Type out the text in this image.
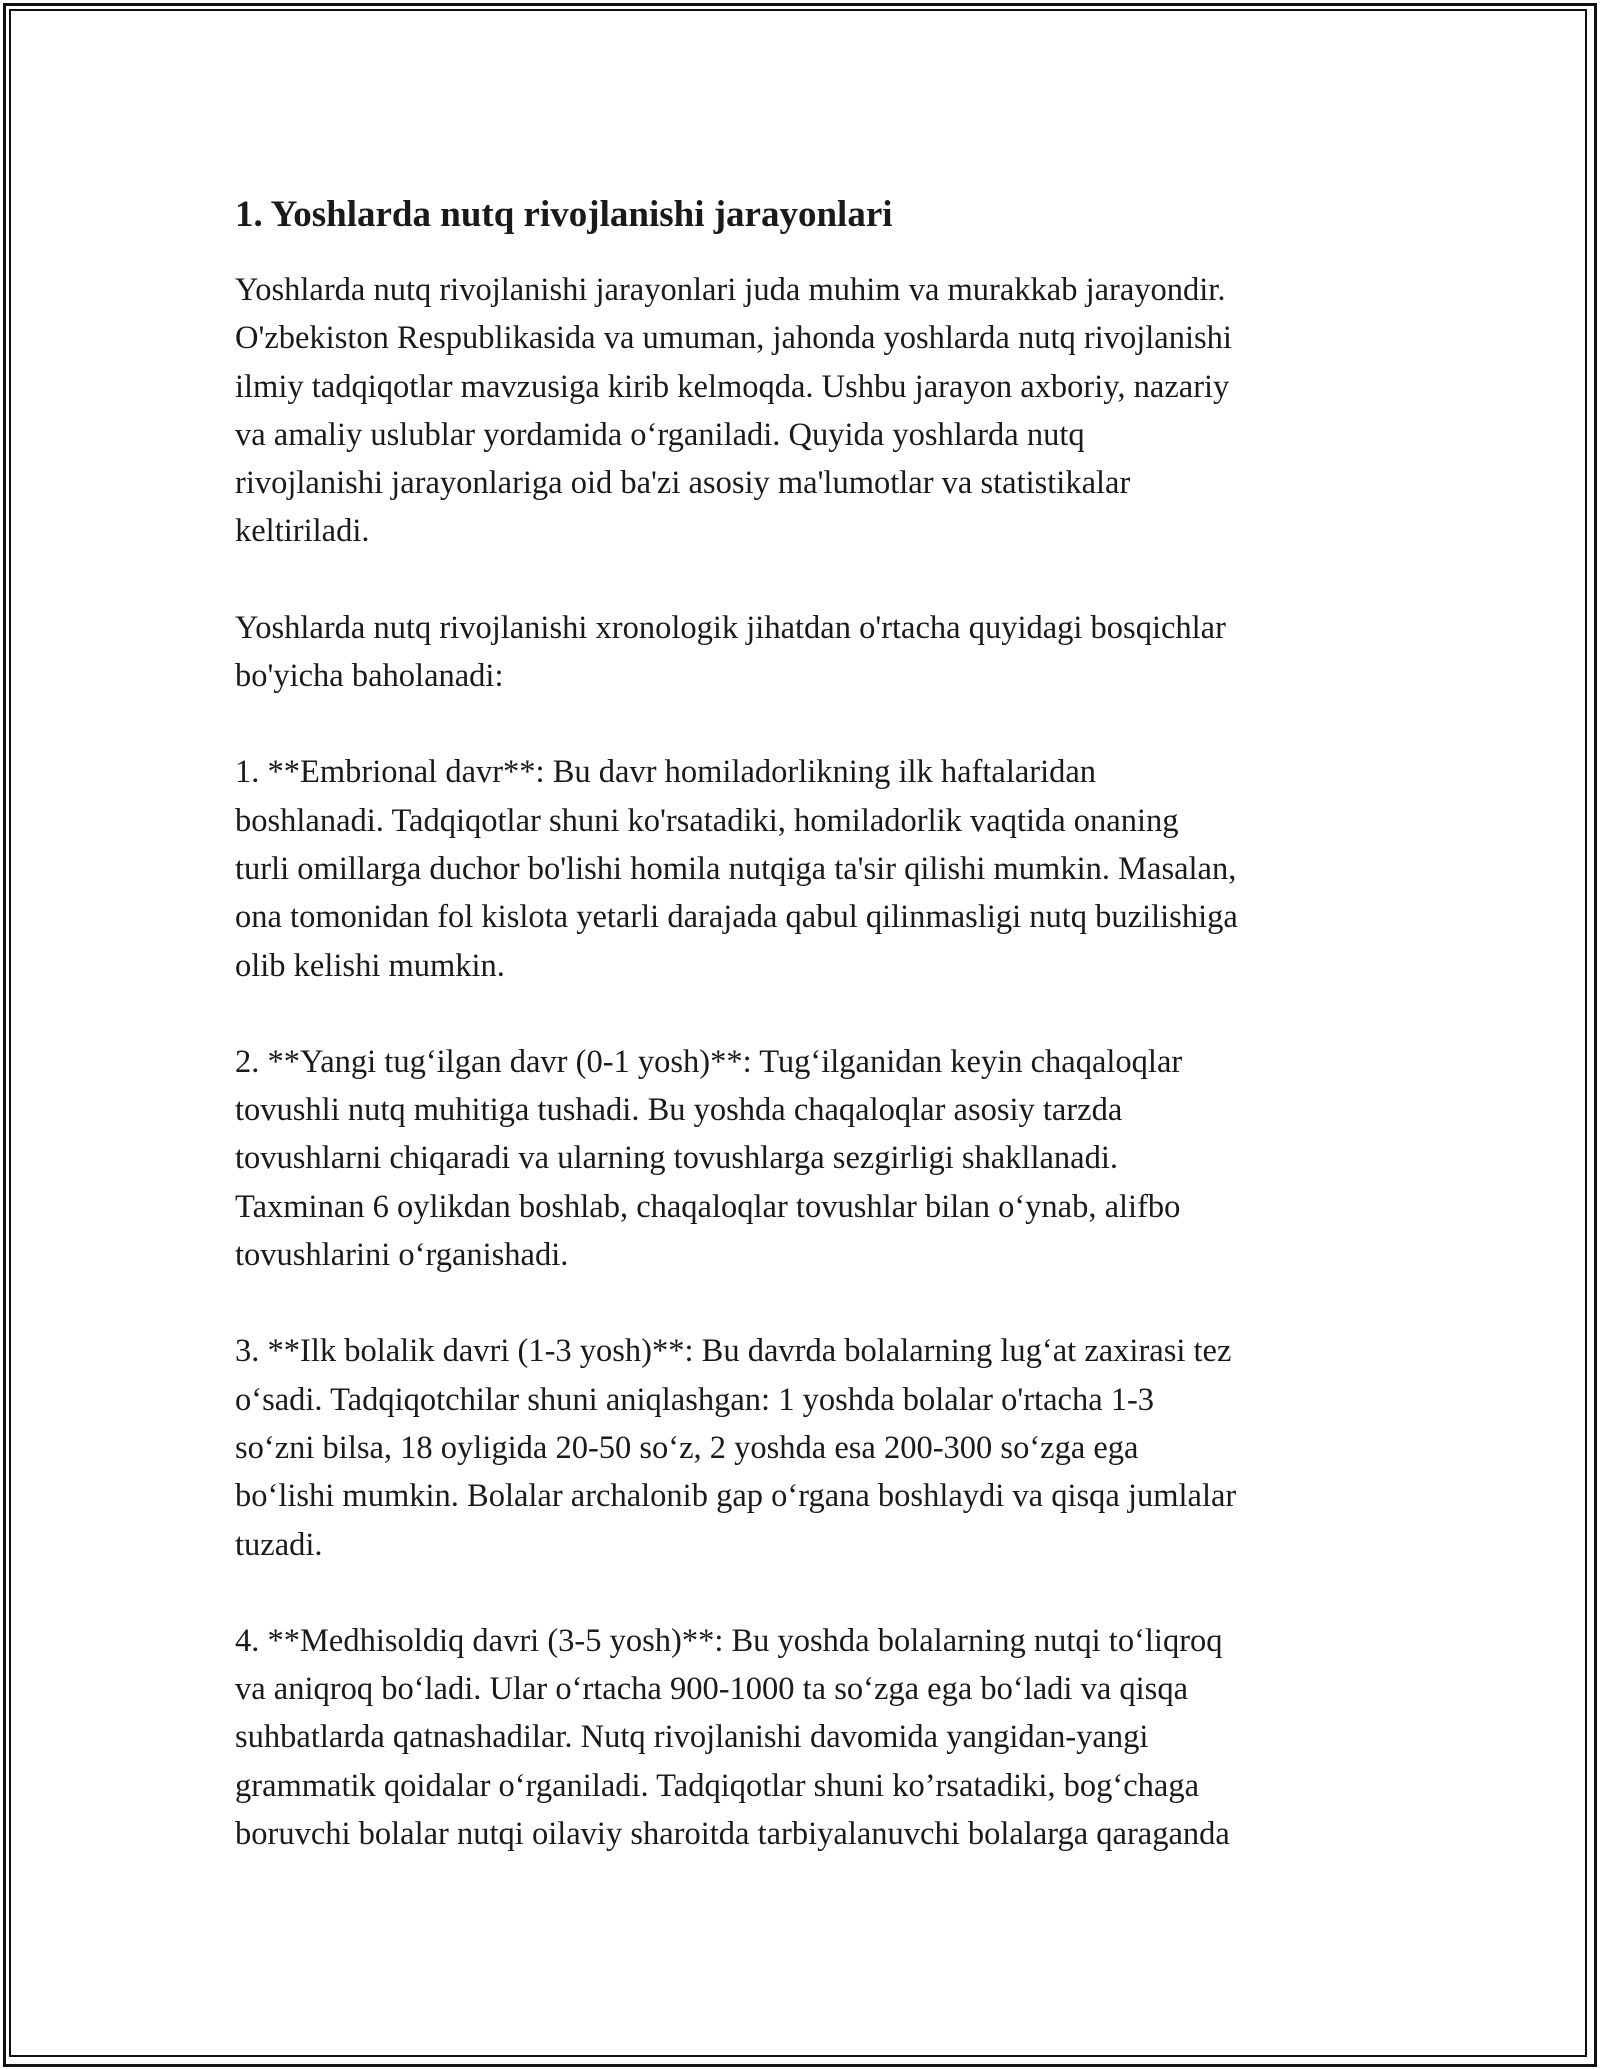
1. Yoshlarda nutq rivojlanishi jarayonlari

Yoshlarda nutq rivojlanishi jarayonlari juda muhim va murakkab jarayondir.
O'zbekiston Respublikasida va umuman, jahonda yoshlarda nutq rivojlanishi
ilmiy tadqiqotlar mavzusiga kirib kelmoqda. Ushbu jarayon axboriy, nazariy
va amaliy uslublar yordamida o‘rganiladi. Quyida yoshlarda nutq
rivojlanishi jarayonlariga oid ba'zi asosiy ma'lumotlar va statistikalar
keltiriladi.

Yoshlarda nutq rivojlanishi xronologik jihatdan o'rtacha quyidagi bosqichlar
bo'yicha baholanadi:

1. **Embrional davr**: Bu davr homiladorlikning ilk haftalaridan
boshlanadi. Tadqiqotlar shuni ko'rsatadiki, homiladorlik vaqtida onaning
turli omillarga duchor bo'lishi homila nutqiga ta'sir qilishi mumkin. Masalan,
ona tomonidan fol kislota yetarli darajada qabul qilinmasligi nutq buzilishiga
olib kelishi mumkin.

2. **Yangi tug‘ilgan davr (0-1 yosh)**: Tug‘ilganidan keyin chaqaloqlar
tovushli nutq muhitiga tushadi. Bu yoshda chaqaloqlar asosiy tarzda
tovushlarni chiqaradi va ularning tovushlarga sezgirligi shakllanadi.
Taxminan 6 oylikdan boshlab, chaqaloqlar tovushlar bilan o‘ynab, alifbo
tovushlarini o‘rganishadi.

3. **Ilk bolalik davri (1-3 yosh)**: Bu davrda bolalarning lug‘at zaxirasi tez
o‘sadi. Tadqiqotchilar shuni aniqlashgan: 1 yoshda bolalar o'rtacha 1-3
so‘zni bilsa, 18 oyligida 20-50 so‘z, 2 yoshda esa 200-300 so‘zga ega
bo‘lishi mumkin. Bolalar archalonib gap o‘rgana boshlaydi va qisqa jumlalar
tuzadi.

4. **Medhisoldiq davri (3-5 yosh)**: Bu yoshda bolalarning nutqi to‘liqroq
va aniqroq bo‘ladi. Ular o‘rtacha 900-1000 ta so‘zga ega bo‘ladi va qisqa
suhbatlarda qatnashadilar. Nutq rivojlanishi davomida yangidan-yangi
grammatik qoidalar o‘rganiladi. Tadqiqotlar shuni ko’rsatadiki, bog‘chaga
boruvchi bolalar nutqi oilaviy sharoitda tarbiyalanuvchi bolalarga qaraganda
